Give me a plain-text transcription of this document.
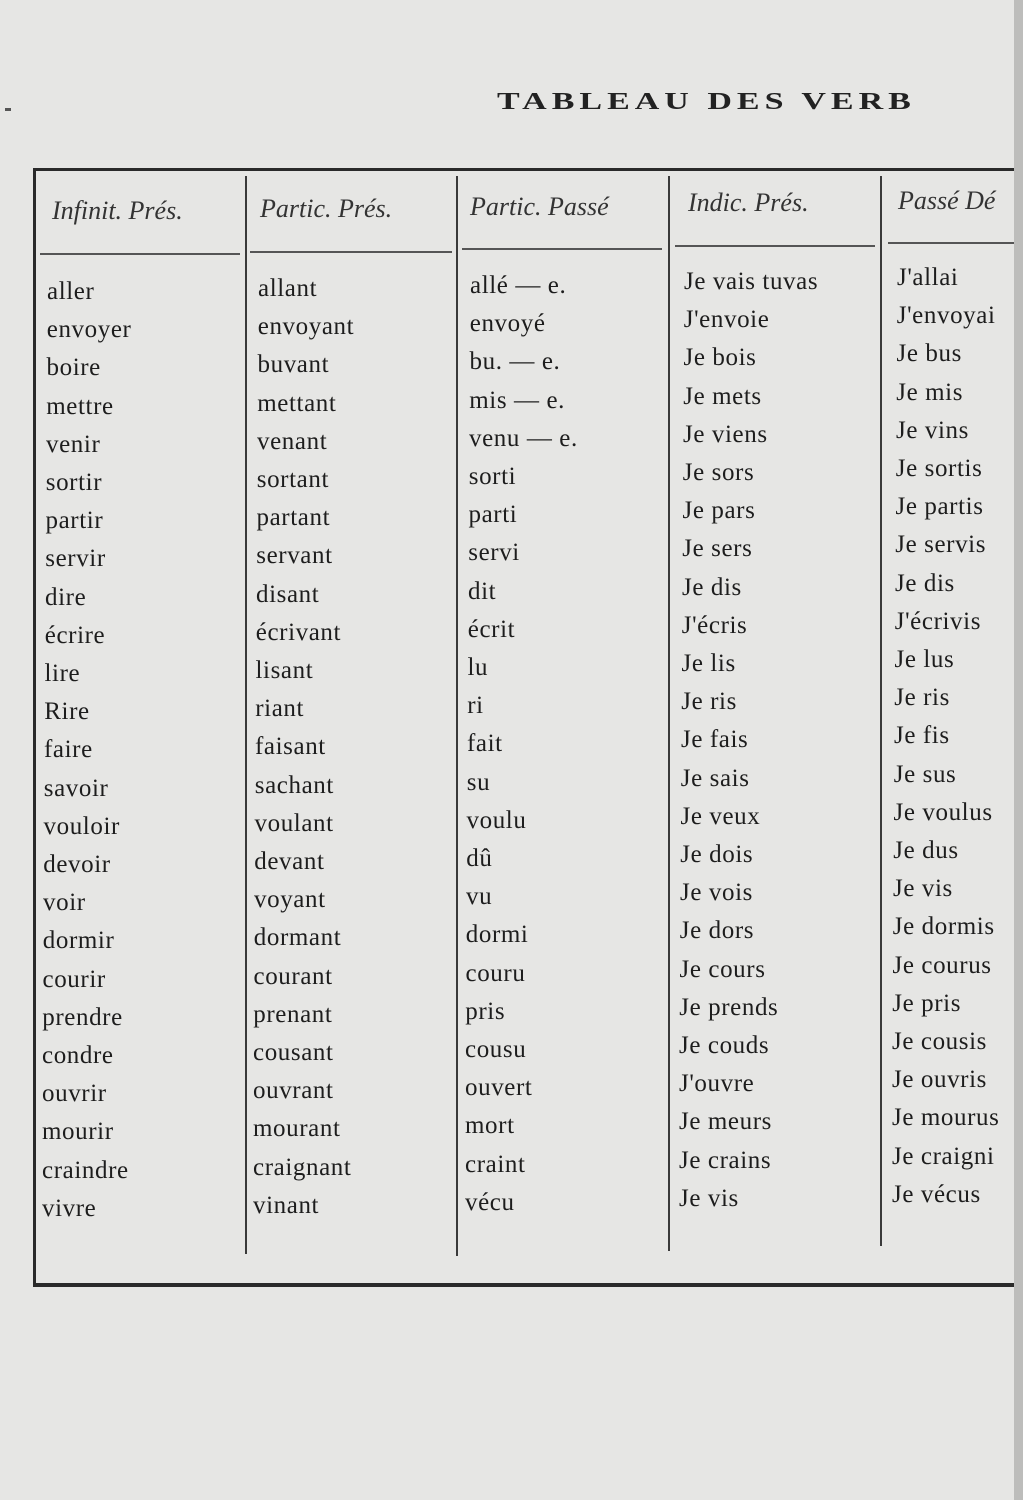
TABLEAU DES VERB
Infinit. Prés.	Partic. Prés.	Partic. Passé	Indic. Prés.	Passé Dé
aller	allant	allé — e.	Je vais tuvas	J'allai
envoyer	envoyant	envoyé	J'envoie	J'envoyai
boire	buvant	bu. — e.	Je bois	Je bus
mettre	mettant	mis — e.	Je mets	Je mis
venir	venant	venu — e.	Je viens	Je vins
sortir	sortant	sorti	Je sors	Je sortis
partir	partant	parti	Je pars	Je partis
servir	servant	servi	Je sers	Je servis
dire	disant	dit	Je dis	Je dis
écrire	écrivant	écrit	J'écris	J'écrivis
lire	lisant	lu	Je lis	Je lus
Rire	riant	ri	Je ris	Je ris
faire	faisant	fait	Je fais	Je fis
savoir	sachant	su	Je sais	Je sus
vouloir	voulant	voulu	Je veux	Je voulus
devoir	devant	dû	Je dois	Je dus
voir	voyant	vu	Je vois	Je vis
dormir	dormant	dormi	Je dors	Je dormis
courir	courant	couru	Je cours	Je courus
prendre	prenant	pris	Je prends	Je pris
condre	cousant	cousu	Je couds	Je cousis
ouvrir	ouvrant	ouvert	J'ouvre	Je ouvris
mourir	mourant	mort	Je meurs	Je mourus
craindre	craignant	craint	Je crains	Je craigni
vivre	vinant	vécu	Je vis	Je vécus
